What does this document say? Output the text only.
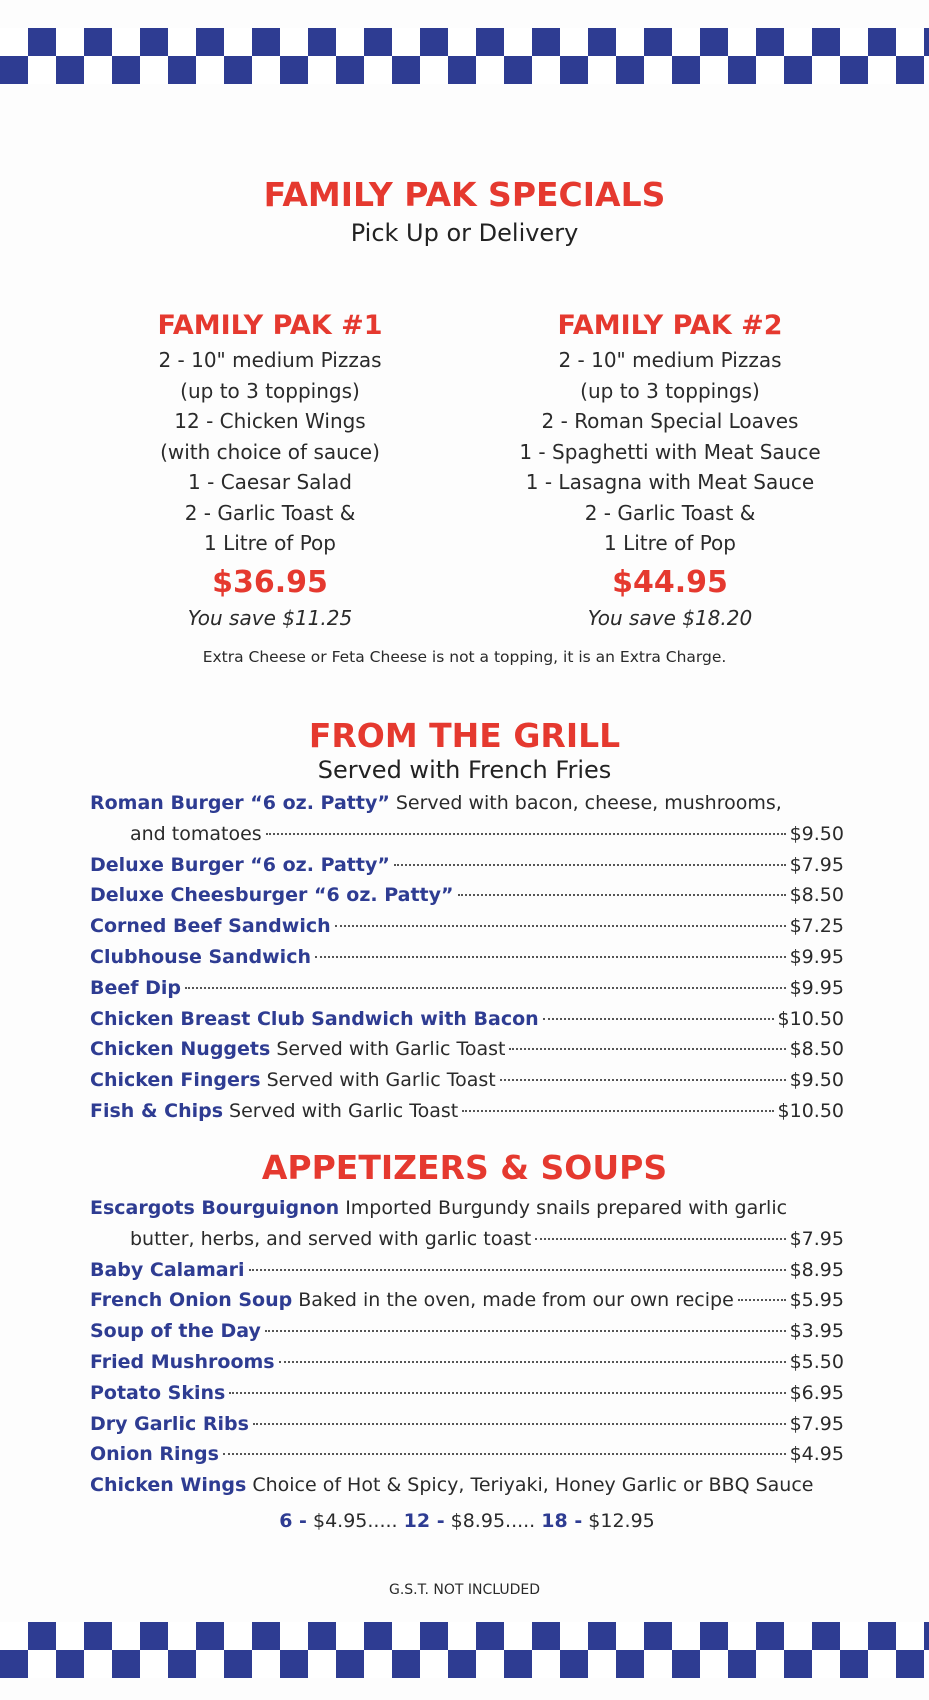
FAMILY PAK SPECIALS
Pick Up or Delivery
FAMILY PAK #1
2 - 10" medium Pizzas
(up to 3 toppings)
12 - Chicken Wings
(with choice of sauce)
1 - Caesar Salad
2 - Garlic Toast &
1 Litre of Pop
$36.95
You save $11.25
FAMILY PAK #2
2 - 10" medium Pizzas
(up to 3 toppings)
2 - Roman Special Loaves
1 - Spaghetti with Meat Sauce
1 - Lasagna with Meat Sauce
2 - Garlic Toast &
1 Litre of Pop
$44.95
You save $18.20
Extra Cheese or Feta Cheese is not a topping, it is an Extra Charge.
FROM THE GRILL
Served with French Fries
Roman Burger “6 oz. Patty” Served with bacon, cheese, mushrooms,
and tomatoes	$9.50
Deluxe Burger “6 oz. Patty”	$7.95
Deluxe Cheesburger “6 oz. Patty”	$8.50
Corned Beef Sandwich	$7.25
Clubhouse Sandwich	$9.95
Beef Dip	$9.95
Chicken Breast Club Sandwich with Bacon	$10.50
Chicken Nuggets Served with Garlic Toast	$8.50
Chicken Fingers Served with Garlic Toast	$9.50
Fish & Chips Served with Garlic Toast	$10.50
APPETIZERS & SOUPS
Escargots Bourguignon Imported Burgundy snails prepared with garlic
butter, herbs, and served with garlic toast	$7.95
Baby Calamari	$8.95
French Onion Soup Baked in the oven, made from our own recipe	$5.95
Soup of the Day	$3.95
Fried Mushrooms	$5.50
Potato Skins	$6.95
Dry Garlic Ribs	$7.95
Onion Rings	$4.95
Chicken Wings Choice of Hot & Spicy, Teriyaki, Honey Garlic or BBQ Sauce
6 - $4.95..... 12 - $8.95..... 18 - $12.95
G.S.T. NOT INCLUDED
